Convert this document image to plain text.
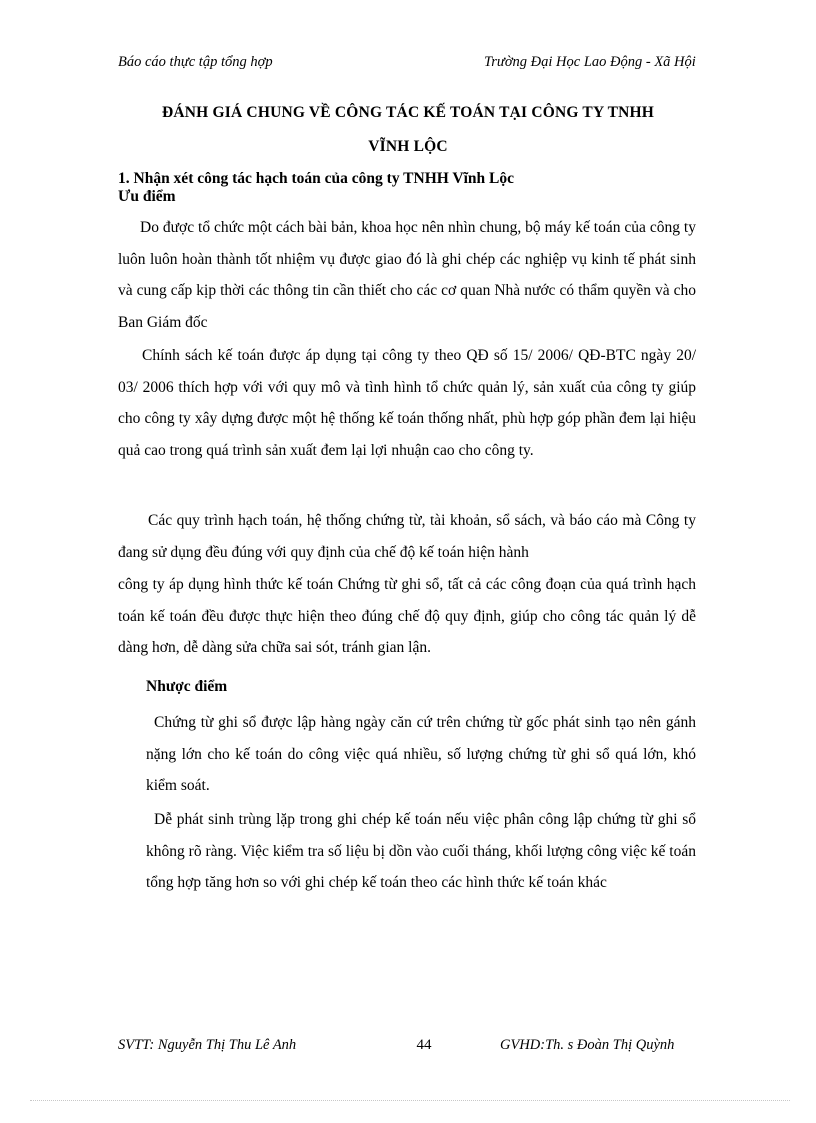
Báo cáo thực tập tổng hợp	Trường Đại Học Lao Động - Xã Hội
ĐÁNH GIÁ CHUNG VỀ CÔNG TÁC KẾ TOÁN TẠI CÔNG TY TNHH
VĨNH LỘC
1. Nhận xét công tác hạch toán của công ty TNHH Vĩnh Lộc
Ưu điểm

Do được tổ chức một cách bài bản, khoa học nên nhìn chung, bộ máy kế toán của công ty luôn luôn hoàn thành tốt nhiệm vụ được giao đó là ghi chép các nghiệp vụ kinh tế phát sinh và cung cấp kịp thời các thông tin cần thiết cho các cơ quan Nhà nước có thẩm quyền và cho Ban Giám đốc

Chính sách kế toán được áp dụng tại công ty theo QĐ số 15/ 2006/ QĐ-BTC ngày 20/ 03/ 2006 thích hợp với với quy mô và tình hình tổ chức quản lý, sản xuất của công ty giúp cho công ty xây dựng được một hệ thống kế toán thống nhất, phù hợp góp phần đem lại hiệu quả cao trong quá trình sản xuất đem lại lợi nhuận cao cho công ty.

Các quy trình hạch toán, hệ thống chứng từ, tài khoản, sổ sách, và báo cáo mà Công ty đang sử dụng đều đúng với quy định của chế độ kế toán hiện hành

công ty áp dụng hình thức kế toán Chứng từ ghi sổ, tất cả các công đoạn của quá trình hạch toán kế toán đều được thực hiện theo đúng chế độ quy định, giúp cho công tác quản lý dễ dàng hơn, dễ dàng sửa chữa sai sót, tránh gian lận.

Nhược điểm

Chứng từ ghi sổ được lập hàng ngày căn cứ trên chứng từ gốc phát sinh tạo nên gánh nặng lớn cho kế toán do công việc quá nhiều, số lượng chứng từ ghi sổ quá lớn, khó kiểm soát.

Dễ phát sinh trùng lặp trong ghi chép kế toán nếu việc phân công lập chứng từ ghi sổ không rõ ràng. Việc kiểm tra số liệu bị dồn vào cuối tháng, khối lượng công việc kế toán tổng hợp tăng hơn so với ghi chép kế toán theo các hình thức kế toán khác

SVTT: Nguyễn Thị Thu Lê Anh	44	GVHD:Th. s Đoàn Thị Quỳnh
